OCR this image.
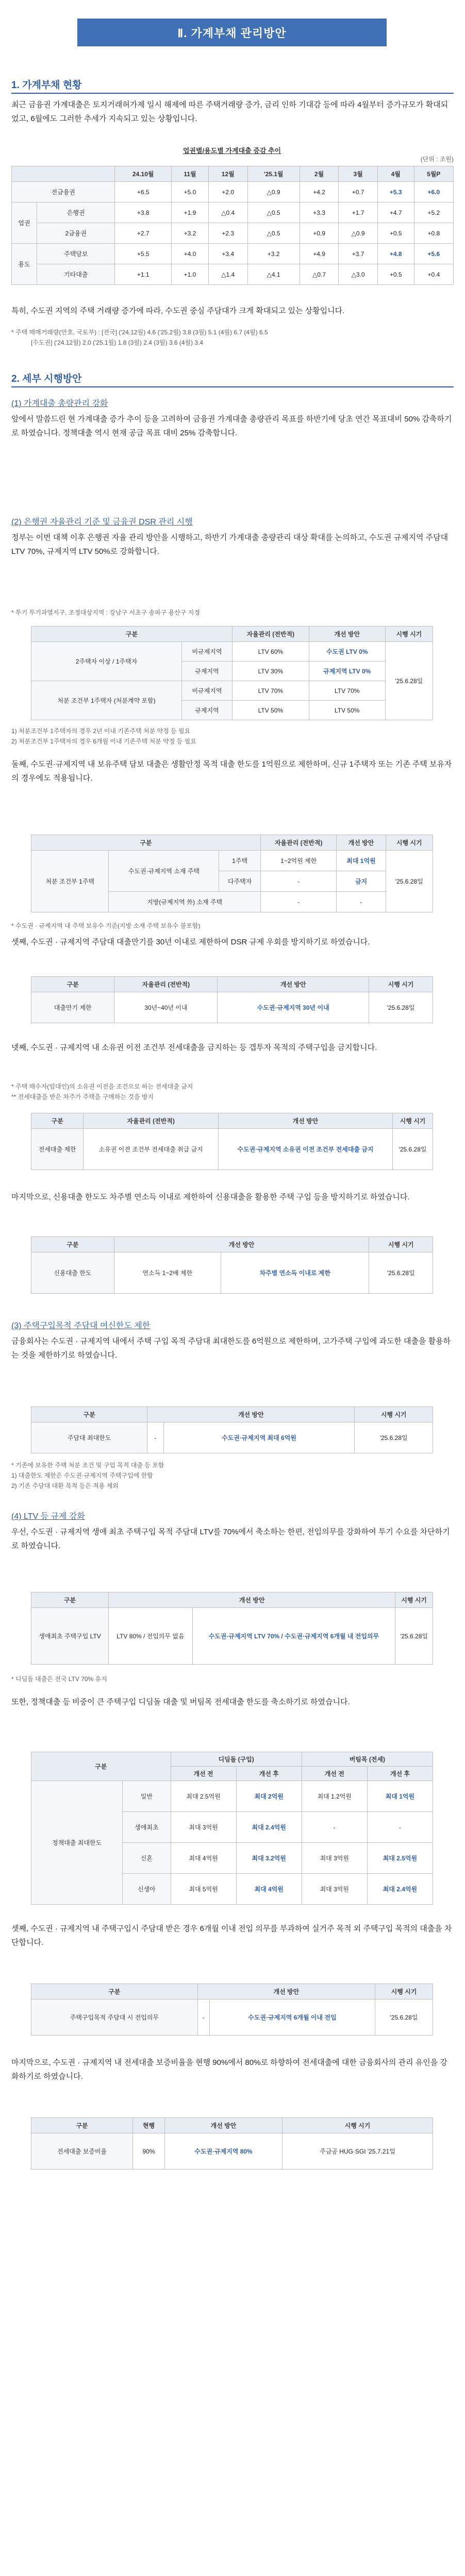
Ⅱ. 가계부채 관리방안
1. 가계부채 현황
최근 금융권 가계대출은 토지거래허가제 일시 해제에 따른 주택거래량 증가, 금리 인하 기대감 등에 따라 4월부터 증가규모가 확대되었고, 6월에도 그러한 추세가 지속되고 있는 상황입니다.
업권별/용도별 가계대출 증감 추이
(단위 : 조원)
		24.10월	11월	12월	'25.1월	2월	3월	4월	5월P
전금융권		+6.5	+5.0	+2.0	△0.9	+4.2	+0.7	+5.3	+6.0
업권	은행권	+3.8	+1.9	△0.4	△0.5	+3.3	+1.7	+4.7	+5.2
	2금융권	+2.7	+3.2	+2.3	△0.5	+0.9	△0.9	+0.5	+0.8
용도	주택담보	+5.5	+4.0	+3.4	+3.2	+4.9	+3.7	+4.8	+5.6
	기타대출	+1.1	+1.0	△1.4	△4.1	△0.7	△3.0	+0.5	+0.4
특히, 수도권 지역의 주택 거래량 증가에 따라, 수도권 중심 주담대가 크게 확대되고 있는 상황입니다.
* 주택 매매거래량(만호, 국토부) : [전국] ('24.12월) 4.6 ('25.2월) 3.8 (3월) 5.1 (4월) 6.7 (4월) 6.5
[수도권] ('24.12월) 2.0 ('25.1월) 1.8 (3월) 2.4 (3월) 3.6 (4월) 3.4
2. 세부 시행방안
(1) 가계대출 총량관리 강화
앞에서 말씀드린 현 가계대출 증가 추이 등을 고려하여 금융권 가계대출 총량관리 목표를 하반기에 당초 연간 목표대비 50% 감축하기로 하였습니다. 정책대출 역시 현재 공급 목표 대비 25% 감축합니다.
(2) 은행권 자율관리 기준 및 금융권 DSR 관리 시행
정부는 이번 대책 이후 은행권 자율 관리 방안을 시행하고, 하반기 가계대출 총량관리 대상 확대를 논의하고, 수도권 규제지역 주담대 LTV 70%, 규제지역 LTV 50%로 강화합니다.
* 투기 투기과열지구, 조정대상지역 : 강남구 서초구 송파구 용산구 지정
구분		자율관리 (전반적)	개선 방안	시행 시기
2주택자 이상 / 1주택자	비규제지역	LTV 60%	수도권 LTV 0%	'25.6.28일
	규제지역	LTV 30%	규제지역 LTV 0%	
처분 조건부 1주택자 (처분계약 포함)	비규제지역	LTV 70%	LTV 70%	
	규제지역	LTV 50%	LTV 50%	
1) 처분조건부 1주택자의 경우 2년 이내 기존주택 처분 약정 등 필요
2) 처분조건부 1주택자의 경우 6개월 이내 기존주택 처분 약정 등 필요
둘째, 수도권·규제지역 내 보유주택 담보 대출은 생활안정 목적 대출 한도를 1억원으로 제한하며, 신규 1주택자 또는 기존 주택 보유자의 경우에도 적용됩니다.
구분			자율관리 (전반적)	개선 방안	시행 시기
처분 조건부 1주택	수도권·규제지역 소재 주택	1주택	1~2억원 제한	최대 1억원	'25.6.28일
		다주택자	-	금지	
	지방(규제지역 外) 소재 주택		-	-	
* 수도권 · 규제지역 내 주택 보유수 기준(지방 소재 주택 보유수 불포함)
셋째, 수도권 · 규제지역 주담대 대출만기를 30년 이내로 제한하여 DSR 규제 우회를 방지하기로 하였습니다.
구분	자율관리 (전반적)	개선 방안	시행 시기
대출만기 제한	30년~40년 이내	수도권·규제지역 30년 이내	'25.6.28일
넷째, 수도권 · 규제지역 내 소유권 이전 조건부 전세대출을 금지하는 등 갭투자 목적의 주택구입을 금지합니다.
* 주택 매수자(임대인)의 소유권 이전을 조건으로 하는 전세대출 금지
** 전세대출을 받은 차주가 주택을 구매하는 것을 방지
구분	자율관리 (전반적)	개선 방안	시행 시기
전세대출 제한	소유권 이전 조건부 전세대출 취급 금지	수도권·규제지역 소유권 이전 조건부 전세대출 금지	'25.6.28일
마지막으로, 신용대출 한도도 차주별 연소득 이내로 제한하여 신용대출을 활용한 주택 구입 등을 방지하기로 하였습니다.
구분	개선 방안		시행 시기
신용대출 한도	연소득 1~2배 제한	차주별 연소득 이내로 제한	'25.6.28일
(3) 주택구입목적 주담대 여신한도 제한
금융회사는 수도권 · 규제지역 내에서 주택 구입 목적 주담대 최대한도를 6억원으로 제한하며, 고가주택 구입에 과도한 대출을 활용하는 것을 제한하기로 하였습니다.
구분	개선 방안		시행 시기
주담대 최대한도	-	수도권·규제지역 최대 6억원	'25.6.28일
* 기존에 보유한 주택 처분 조건 및 구입 목적 대출 등 포함
1) 대출한도 제한은 수도권·규제지역 주택구입에 한함
2) 기존 주담대 대환 목적 등은 적용 제외
(4) LTV 등 규제 강화
우선, 수도권 · 규제지역 생애 최초 주택구입 목적 주담대 LTV를 70%에서 축소하는 한편, 전입의무를 강화하여 투기 수요를 차단하기로 하였습니다.
구분	개선 방안		시행 시기
생애최초 주택구입 LTV	LTV 80% / 전입의무 없음	수도권·규제지역 LTV 70% / 수도권·규제지역 6개월 내 전입의무	'25.6.28일
* 디딤돌 대출은 전국 LTV 70% 유지
또한, 정책대출 등 비중이 큰 주택구입 디딤돌 대출 및 버팀목 전세대출 한도를 축소하기로 하였습니다.
구분		디딤돌 (구입)		버팀목 (전세)	
		개선 전	개선 후	개선 전	개선 후
정책대출 최대한도	일반	최대 2.5억원	최대 2억원	최대 1.2억원	최대 1억원
	생애최초	최대 3억원	최대 2.4억원	-	-
	신혼	최대 4억원	최대 3.2억원	최대 3억원	최대 2.5억원
	신생아	최대 5억원	최대 4억원	최대 3억원	최대 2.4억원
셋째, 수도권 · 규제지역 내 주택구입시 주담대 받은 경우 6개월 이내 전입 의무를 부과하여 실거주 목적 외 주택구입 목적의 대출을 차단합니다.
구분	개선 방안		시행 시기
주택구입목적 주담대 시 전입의무	-	수도권·규제지역 6개월 이내 전입	'25.6.28일
마지막으로, 수도권 · 규제지역 내 전세대출 보증비율을 현행 90%에서 80%로 하향하여 전세대출에 대한 금융회사의 관리 유인을 강화하기로 하였습니다.
구분	현행	개선 방안	시행 시기
전세대출 보증비율	90%	수도권·규제지역 80%	주금공 HUG·SGI '25.7.21일
